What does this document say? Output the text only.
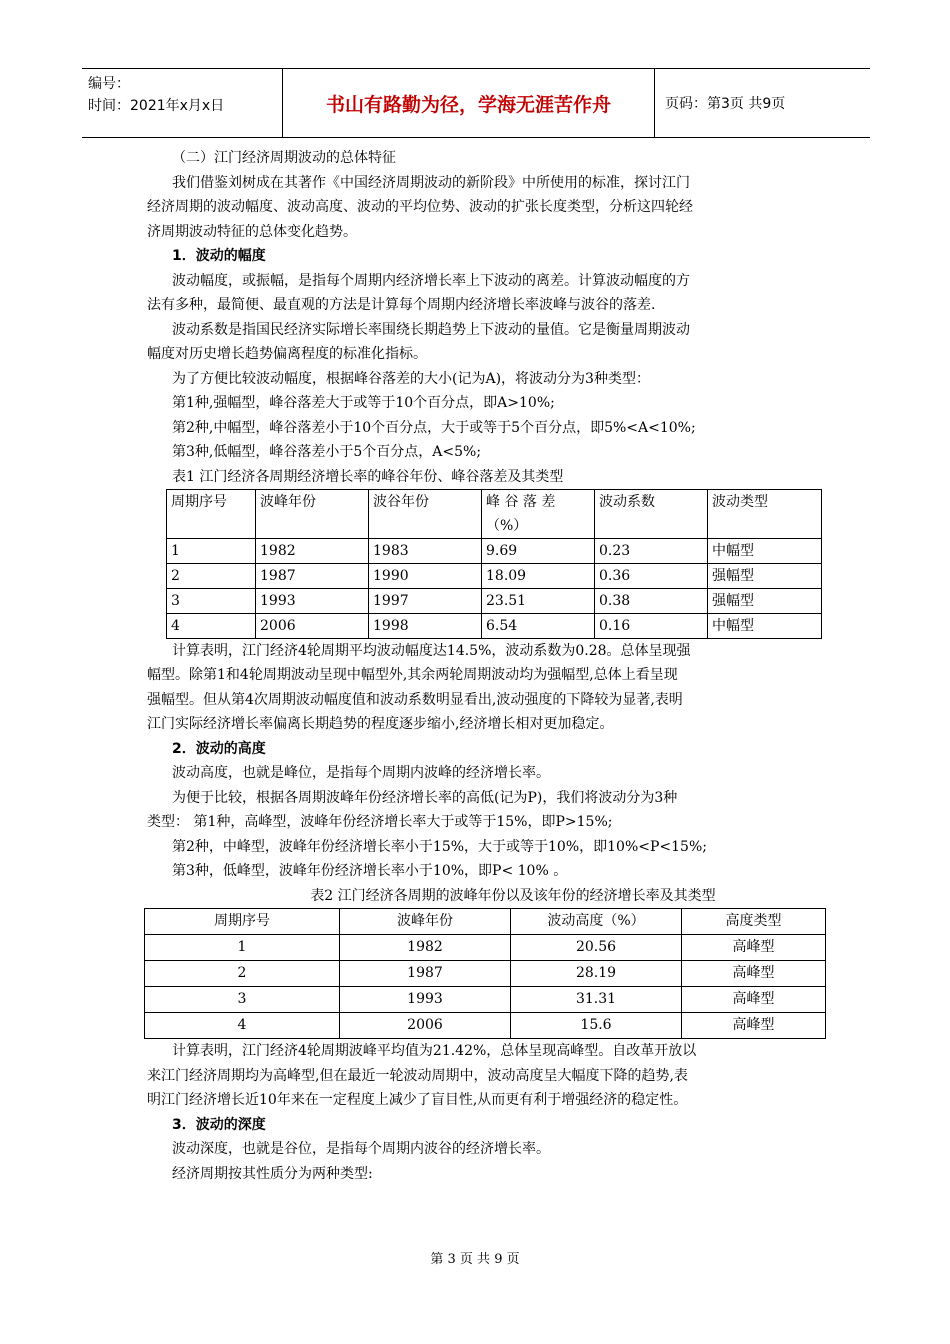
编号：
时间：2021年x月x日	书山有路勤为径，学海无涯苦作舟	页码：第3页 共9页

（二）江门经济周期波动的总体特征

我们借鉴刘树成在其著作《中国经济周期波动的新阶段》中所使用的标准，探讨江门

经济周期的波动幅度、波动高度、波动的平均位势、波动的扩张长度类型，分析这四轮经

济周期波动特征的总体变化趋势。

1．波动的幅度

波动幅度，或振幅，是指每个周期内经济增长率上下波动的离差。计算波动幅度的方

法有多种，最简便、最直观的方法是计算每个周期内经济增长率波峰与波谷的落差.

波动系数是指国民经济实际增长率围绕长期趋势上下波动的量值。它是衡量周期波动

幅度对历史增长趋势偏离程度的标准化指标。

为了方便比较波动幅度，根据峰谷落差的大小(记为A)，将波动分为3种类型：

第1种,强幅型，峰谷落差大于或等于10个百分点，即A>10%;

第2种,中幅型，峰谷落差小于10个百分点，大于或等于5个百分点，即5%<A<10%;

第3种,低幅型，峰谷落差小于5个百分点，A<5%;

表1 江门经济各周期经济增长率的峰谷年份、峰谷落差及其类型

周期序号	波峰年份	波谷年份	峰 谷 落 差
（%）	波动系数	波动类型
1	1982	1983	9.69	0.23	中幅型
2	1987	1990	18.09	0.36	强幅型
3	1993	1997	23.51	0.38	强幅型
4	2006	1998	6.54	0.16	中幅型

计算表明，江门经济4轮周期平均波动幅度达14.5%，波动系数为0.28。总体呈现强

幅型。除第1和4轮周期波动呈现中幅型外,其余两轮周期波动均为强幅型,总体上看呈现

强幅型。但从第4次周期波动幅度值和波动系数明显看出,波动强度的下降较为显著,表明

江门实际经济增长率偏离长期趋势的程度逐步缩小,经济增长相对更加稳定。

2．波动的高度

波动高度，也就是峰位，是指每个周期内波峰的经济增长率。

为便于比较，根据各周期波峰年份经济增长率的高低(记为P)，我们将波动分为3种

类型： 第1种，高峰型，波峰年份经济增长率大于或等于15%，即P>15%;

第2种，中峰型，波峰年份经济增长率小于15%，大于或等于10%，即10%<P<15%;

第3种，低峰型，波峰年份经济增长率小于10%，即P< 10% 。

表2 江门经济各周期的波峰年份以及该年份的经济增长率及其类型

周期序号	波峰年份	波动高度（%）	高度类型
1	1982	20.56	高峰型
2	1987	28.19	高峰型
3	1993	31.31	高峰型
4	2006	15.6	高峰型

计算表明，江门经济4轮周期波峰平均值为21.42%，总体呈现高峰型。自改革开放以

来江门经济周期均为高峰型,但在最近一轮波动周期中，波动高度呈大幅度下降的趋势,表

明江门经济增长近10年来在一定程度上减少了盲目性,从而更有利于增强经济的稳定性。

3．波动的深度

波动深度，也就是谷位，是指每个周期内波谷的经济增长率。

经济周期按其性质分为两种类型:

第 3 页 共 9 页
